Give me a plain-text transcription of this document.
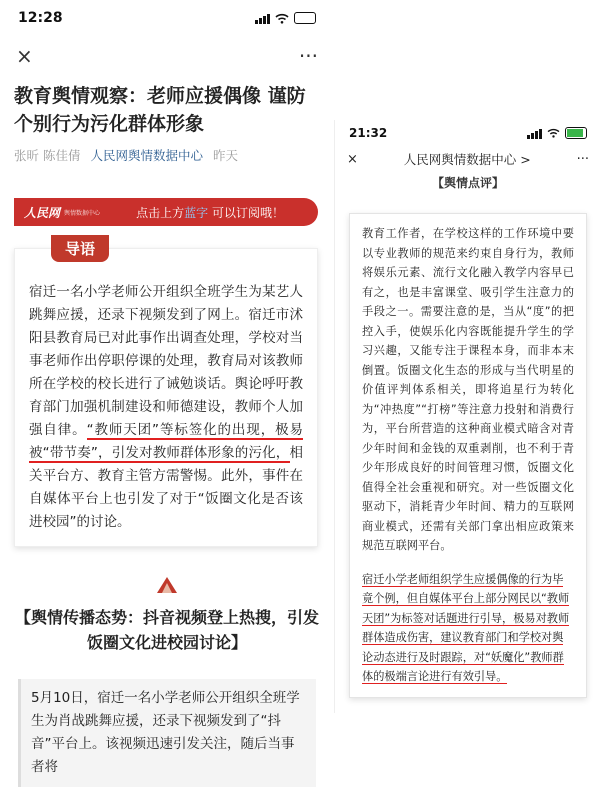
12:28
×	···
教育舆情观察：老师应援偶像 谨防个别行为污化群体形象
张昕 陈佳倩 人民网舆情数据中心 昨天
人民网 舆情数据中心	点击上方蓝字 可以订阅哦！
导语
宿迁一名小学老师公开组织全班学生为某艺人跳舞应援，还录下视频发到了网上。宿迁市沭阳县教育局已对此事作出调查处理，学校对当事老师作出停职停课的处理，教育局对该教师所在学校的校长进行了诫勉谈话。舆论呼吁教育部门加强机制建设和师德建设，教师个人加强自律。“教师天团”等标签化的出现，极易被“带节奏”，引发对教师群体形象的污化，相关平台方、教育主管方需警惕。此外，事件在自媒体平台上也引发了对于“饭圈文化是否该进校园”的讨论。
【舆情传播态势：抖音视频登上热搜，引发饭圈文化进校园讨论】
5月10日，宿迁一名小学老师公开组织全班学生为肖战跳舞应援，还录下视频发到了“抖音”平台上。该视频迅速引发关注，随后当事者将
21:32
×	人民网舆情数据中心 >	···
【舆情点评】
教育工作者，在学校这样的工作环境中要以专业教师的规范来约束自身行为，教师将娱乐元素、流行文化融入教学内容早已有之，也是丰富课堂、吸引学生注意力的手段之一。需要注意的是，当从“度”的把控入手，使娱乐化内容既能提升学生的学习兴趣，又能专注于课程本身，而非本末倒置。饭圈文化生态的形成与当代明星的价值评判体系相关，即将追星行为转化为“冲热度”“打榜”等注意力投射和消费行为，平台所营造的这种商业模式暗含对青少年时间和金钱的双重剥削，也不利于青少年形成良好的时间管理习惯，饭圈文化值得全社会重视和研究。对一些饭圈文化驱动下，消耗青少年时间、精力的互联网商业模式，还需有关部门拿出相应政策来规范互联网平台。
宿迁小学老师组织学生应援偶像的行为毕竟个例，但自媒体平台上部分网民以“教师天团”为标签对话题进行引导，极易对教师群体造成伤害，建议教育部门和学校对舆论动态进行及时跟踪，对“妖魔化”教师群体的极端言论进行有效引导。
